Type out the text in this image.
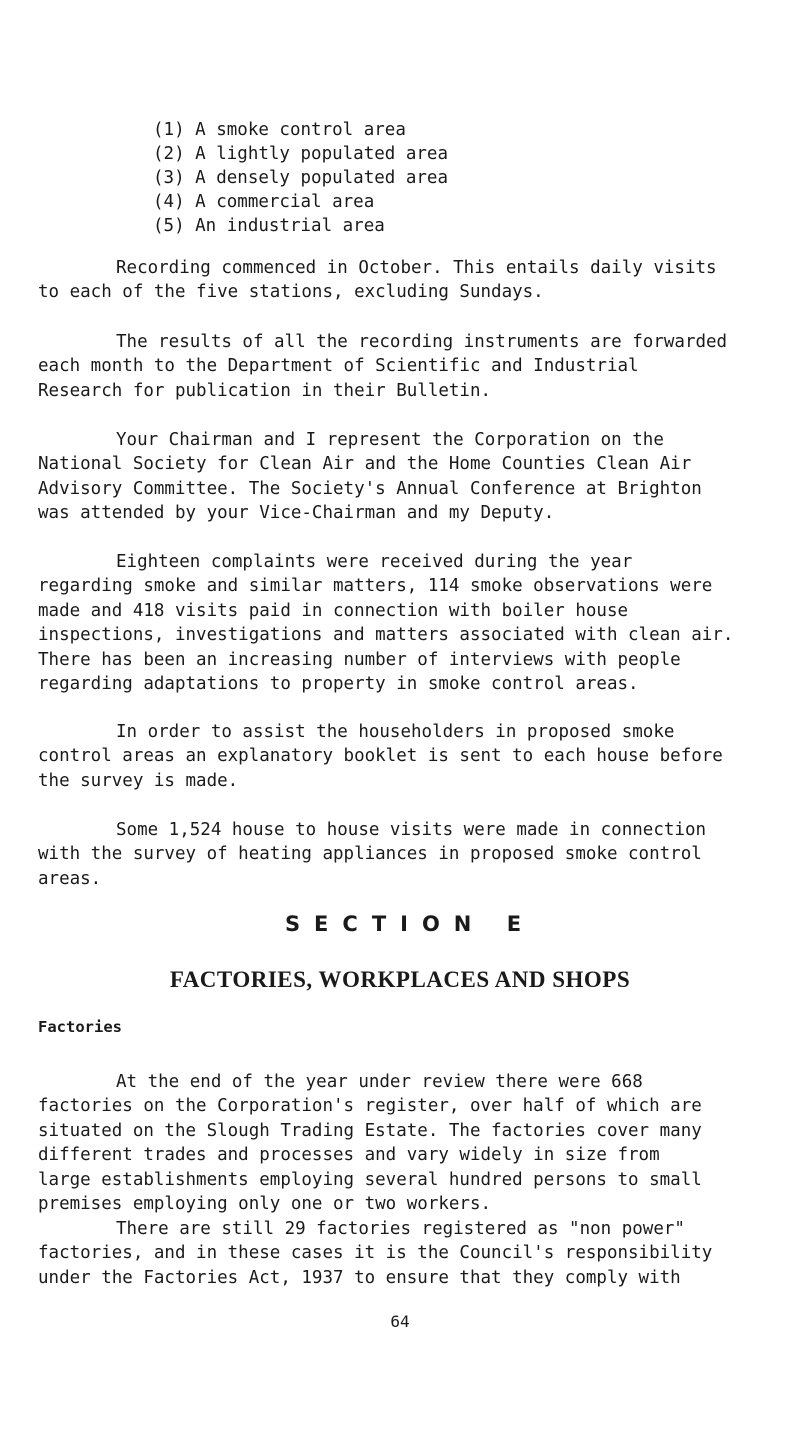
(1) A smoke control area
(2) A lightly populated area
(3) A densely populated area
(4) A commercial area
(5) An industrial area
Recording commenced in October. This entails daily visits
to each of the five stations, excluding Sundays.
The results of all the recording instruments are forwarded
each month to the Department of Scientific and Industrial
Research for publication in their Bulletin.
Your Chairman and I represent the Corporation on the
National Society for Clean Air and the Home Counties Clean Air
Advisory Committee. The Society's Annual Conference at Brighton
was attended by your Vice-Chairman and my Deputy.
Eighteen complaints were received during the year
regarding smoke and similar matters, 114 smoke observations were
made and 418 visits paid in connection with boiler house
inspections, investigations and matters associated with clean air.
There has been an increasing number of interviews with people
regarding adaptations to property in smoke control areas.
In order to assist the householders in proposed smoke
control areas an explanatory booklet is sent to each house before
the survey is made.
Some 1,524 house to house visits were made in connection
with the survey of heating appliances in proposed smoke control
areas.
SECTION E
FACTORIES, WORKPLACES AND SHOPS
Factories
At the end of the year under review there were 668
factories on the Corporation's register, over half of which are
situated on the Slough Trading Estate. The factories cover many
different trades and processes and vary widely in size from
large establishments employing several hundred persons to small
premises employing only one or two workers.
There are still 29 factories registered as "non power"
factories, and in these cases it is the Council's responsibility
under the Factories Act, 1937 to ensure that they comply with
64
